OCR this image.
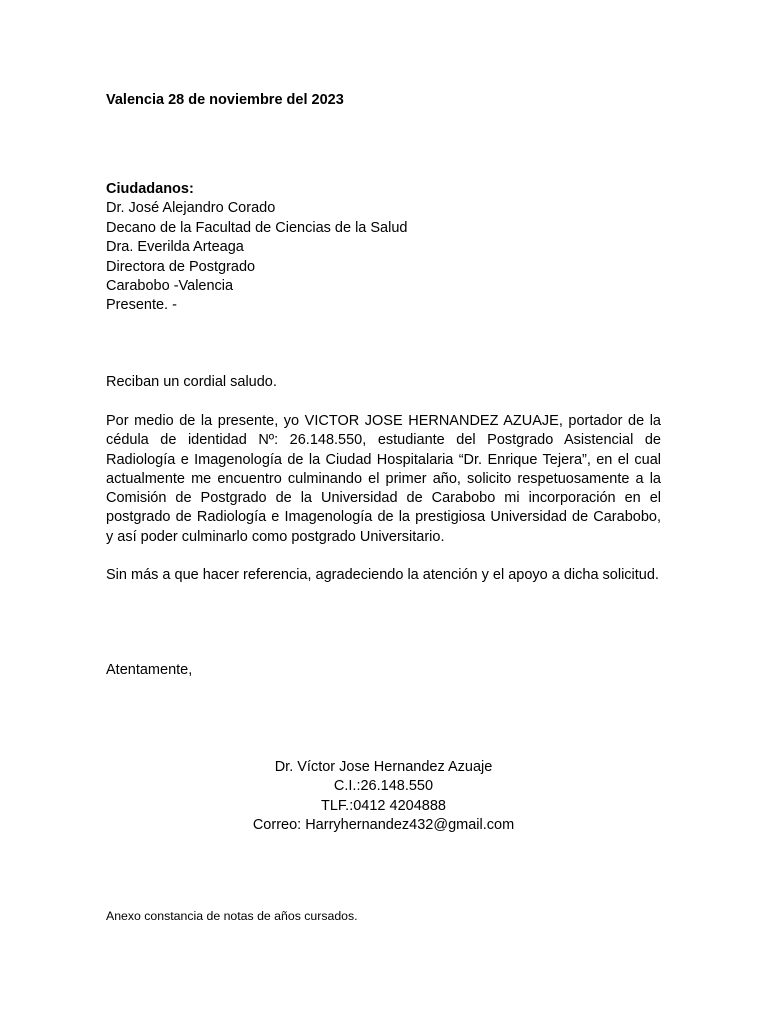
Valencia 28 de noviembre del 2023
Ciudadanos:
Dr. José Alejandro Corado
Decano de la Facultad de Ciencias de la Salud
Dra. Everilda Arteaga
Directora de Postgrado
Carabobo -Valencia
Presente. -
Reciban un cordial saludo.
Por medio de la presente, yo VICTOR JOSE HERNANDEZ AZUAJE, portador de la cédula de identidad Nº: 26.148.550, estudiante del Postgrado Asistencial de Radiología e Imagenología de la Ciudad Hospitalaria “Dr. Enrique Tejera”, en el cual actualmente me encuentro culminando el primer año, solicito respetuosamente a la Comisión de Postgrado de la Universidad de Carabobo mi incorporación en el postgrado de Radiología e Imagenología de la prestigiosa Universidad de Carabobo, y así poder culminarlo como postgrado Universitario.
Sin más a que hacer referencia, agradeciendo la atención y el apoyo a dicha solicitud.
Atentamente,
Dr. Víctor Jose Hernandez Azuaje
C.I.:26.148.550
TLF.:0412 4204888
Correo: Harryhernandez432@gmail.com
Anexo constancia de notas de años cursados.
